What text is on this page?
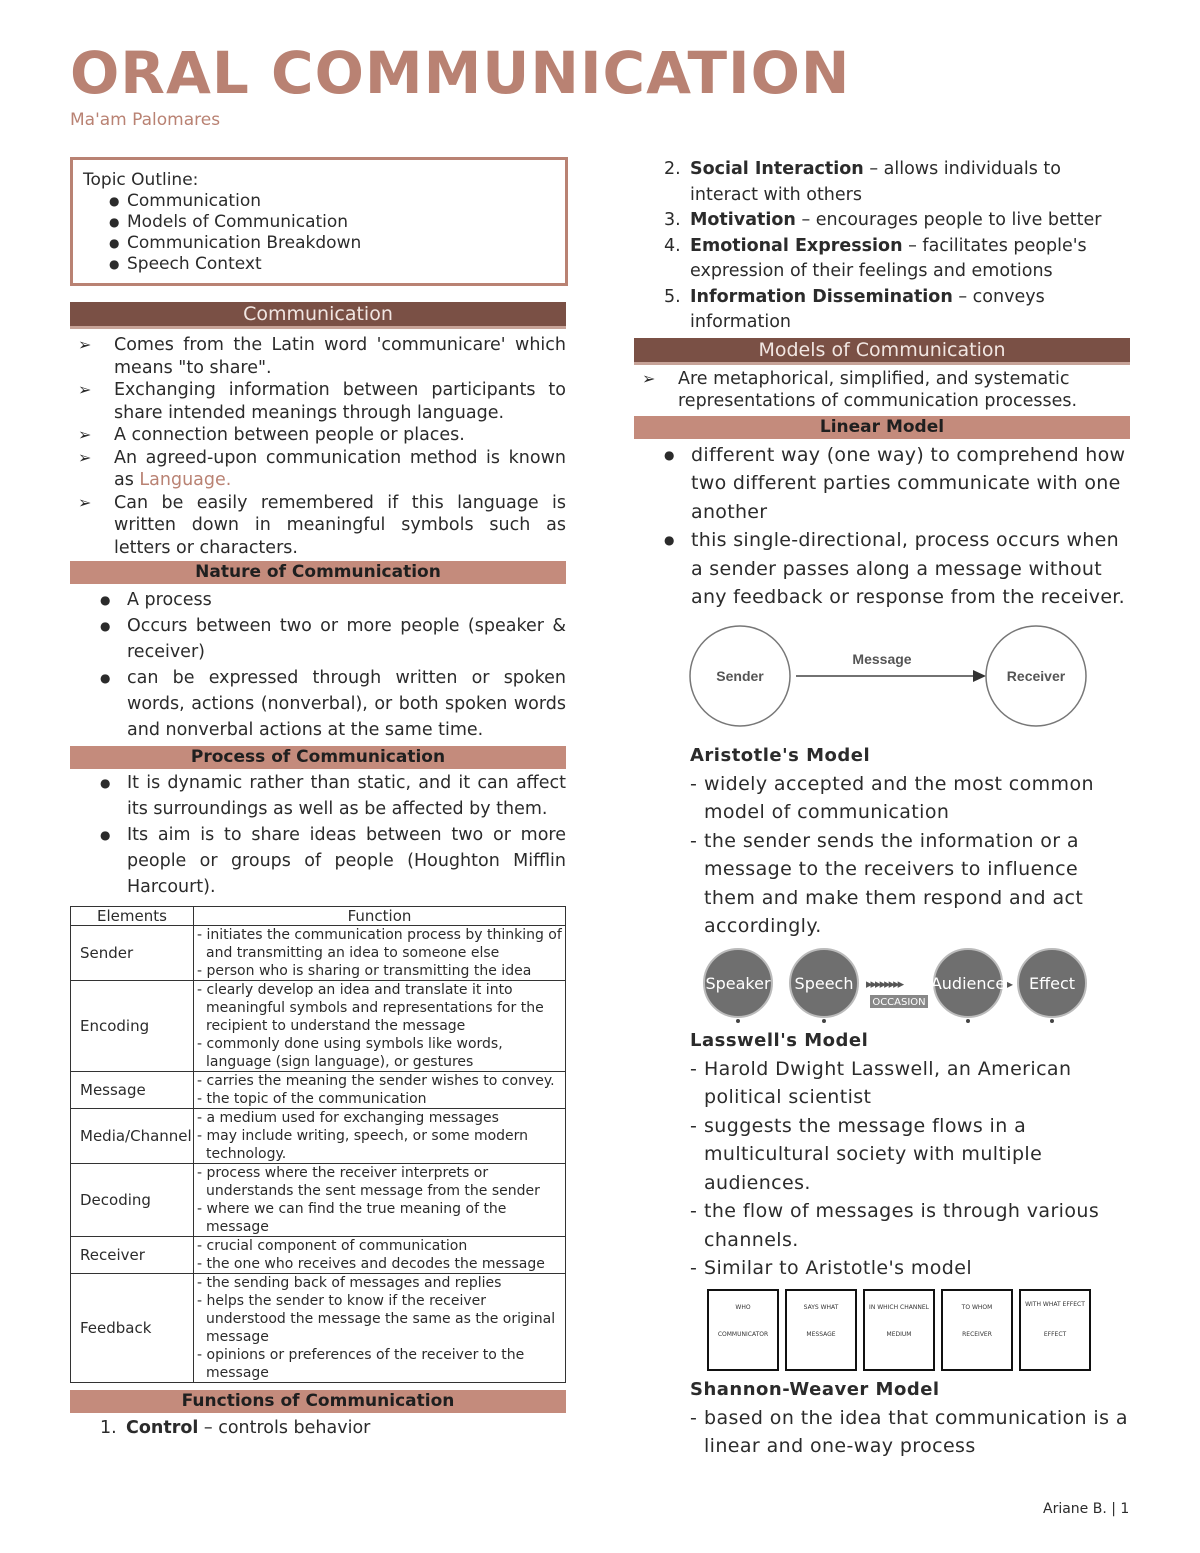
ORAL COMMUNICATION
Ma'am Palomares
Topic Outline:
● Communication
● Models of Communication
● Communication Breakdown
● Speech Context
Communication
➢ Comes from the Latin word 'communicare' which means "to share".
➢ Exchanging information between participants to share intended meanings through language.
➢ A connection between people or places.
➢ An agreed-upon communication method is known as Language.
➢ Can be easily remembered if this language is written down in meaningful symbols such as letters or characters.
Nature of Communication
● A process
● Occurs between two or more people (speaker & receiver)
● can be expressed through written or spoken words, actions (nonverbal), or both spoken words and nonverbal actions at the same time.
Process of Communication
● It is dynamic rather than static, and it can affect its surroundings as well as be affected by them.
● Its aim is to share ideas between two or more people or groups of people (Houghton Mifflin Harcourt).
Elements	Function
Sender	- initiates the communication process by thinking of and transmitting an idea to someone else
- person who is sharing or transmitting the idea

Encoding	- clearly develop an idea and translate it into meaningful symbols and representations for the recipient to understand the message
- commonly done using symbols like words, language (sign language), or gestures

Message	- carries the meaning the sender wishes to convey.
- the topic of the communication

Media/Channel	- a medium used for exchanging messages
- may include writing, speech, or some modern technology.

Decoding	- process where the receiver interprets or understands the sent message from the sender
- where we can find the true meaning of the message

Receiver	- crucial component of communication
- the one who receives and decodes the message

Feedback	- the sending back of messages and replies
- helps the sender to know if the receiver understood the message the same as the original message
- opinions or preferences of the receiver to the message
Functions of Communication
1. Control – controls behavior
2. Social Interaction – allows individuals to interact with others
3. Motivation – encourages people to live better
4. Emotional Expression – facilitates people's expression of their feelings and emotions
5. Information Dissemination – conveys information
Models of Communication
➢ Are metaphorical, simplified, and systematic representations of communication processes.
Linear Model
● different way (one way) to comprehend how two different parties communicate with one another
● this single-directional, process occurs when a sender passes along a message without any feedback or response from the receiver.
Sender
Message
Receiver
Aristotle's Model
- widely accepted and the most common model of communication
- the sender sends the information or a message to the receivers to influence them and make them respond and act accordingly.
Speaker Speech ▸▸▸▸▸▸▸▸
OCCASION
Audience ▸ Effect
Lasswell's Model
- Harold Dwight Lasswell, an American political scientist
- suggests the message flows in a multicultural society with multiple audiences.
- the flow of messages is through various channels.
- Similar to Aristotle's model
WHO
COMMUNICATOR
SAYS WHAT
MESSAGE
IN WHICH CHANNEL
MEDIUM
TO WHOM
RECEIVER
WITH WHAT EFFECT
EFFECT
Shannon-Weaver Model
- based on the idea that communication is a linear and one-way process
Ariane B. | 1
